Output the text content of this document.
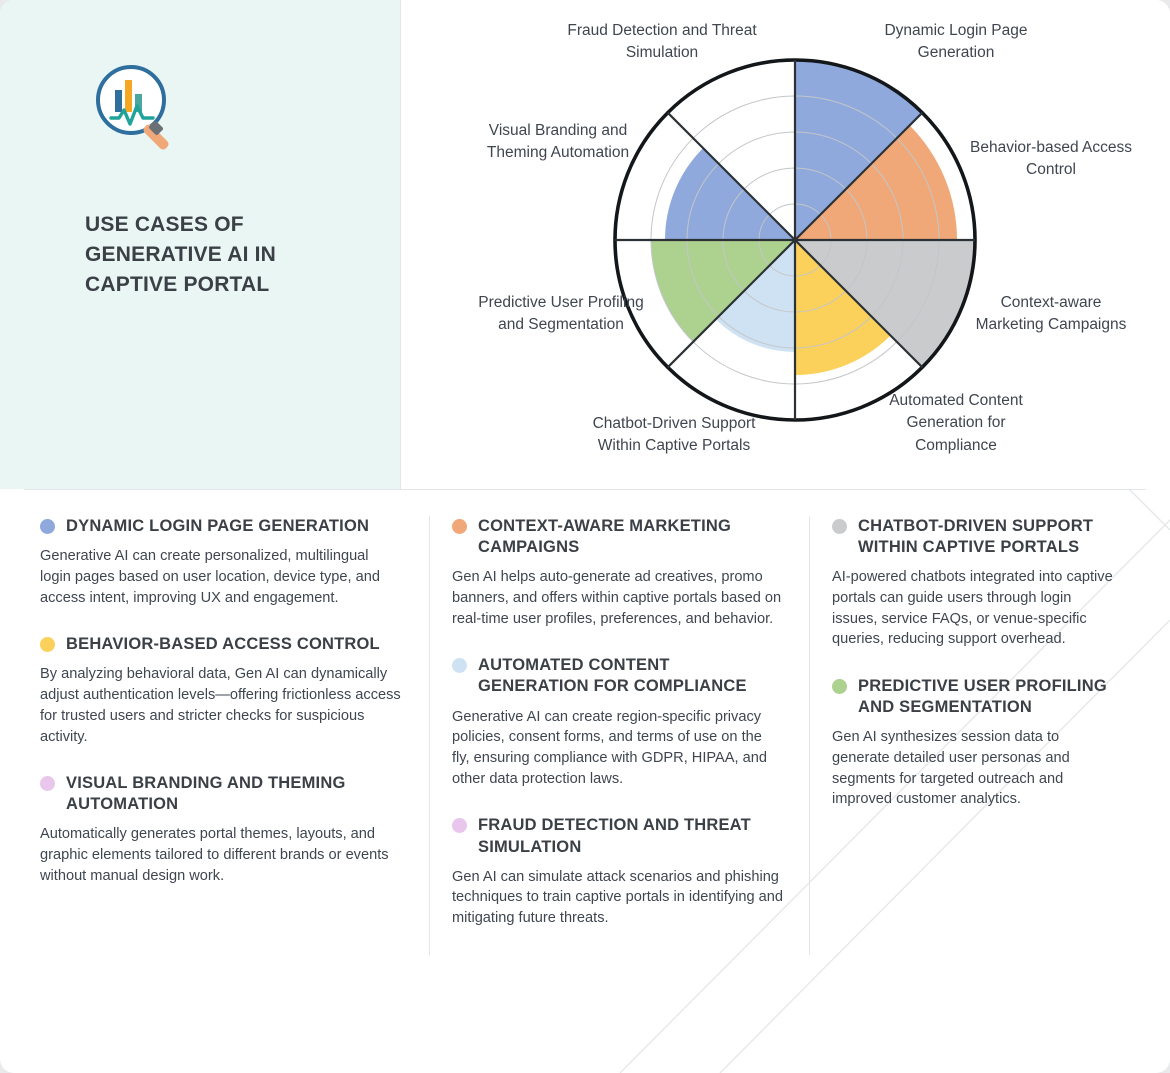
USE CASES OF GENERATIVE AI IN CAPTIVE PORTAL
Fraud Detection and Threat Simulation
Dynamic Login Page Generation
Behavior-based Access Control
Context-aware Marketing Campaigns
Automated Content Generation for Compliance
Chatbot-Driven Support Within Captive Portals
Predictive User Profiling and Segmentation
Visual Branding and Theming Automation
DYNAMIC LOGIN PAGE GENERATION
Generative AI can create personalized, multilingual login pages based on user location, device type, and access intent, improving UX and engagement.
BEHAVIOR-BASED ACCESS CONTROL
By analyzing behavioral data, Gen AI can dynamically adjust authentication levels—offering frictionless access for trusted users and stricter checks for suspicious activity.
VISUAL BRANDING AND THEMING AUTOMATION
Automatically generates portal themes, layouts, and graphic elements tailored to different brands or events without manual design work.
CONTEXT-AWARE MARKETING CAMPAIGNS
Gen AI helps auto-generate ad creatives, promo banners, and offers within captive portals based on real-time user profiles, preferences, and behavior.
AUTOMATED CONTENT GENERATION FOR COMPLIANCE
Generative AI can create region-specific privacy policies, consent forms, and terms of use on the fly, ensuring compliance with GDPR, HIPAA, and other data protection laws.
FRAUD DETECTION AND THREAT SIMULATION
Gen AI can simulate attack scenarios and phishing techniques to train captive portals in identifying and mitigating future threats.
CHATBOT-DRIVEN SUPPORT WITHIN CAPTIVE PORTALS
AI-powered chatbots integrated into captive portals can guide users through login issues, service FAQs, or venue-specific queries, reducing support overhead.
PREDICTIVE USER PROFILING AND SEGMENTATION
Gen AI synthesizes session data to generate detailed user personas and segments for targeted outreach and improved customer analytics.
